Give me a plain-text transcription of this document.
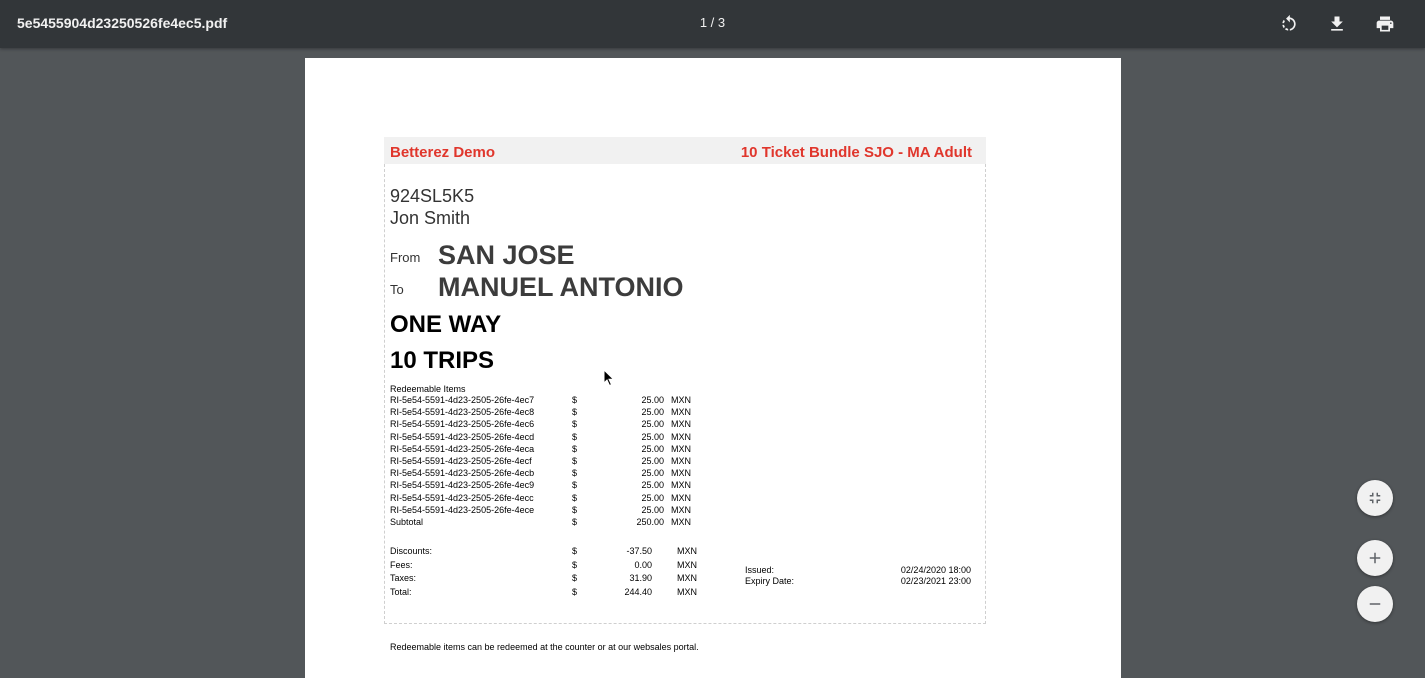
5e5455904d23250526fe4ec5.pdf	1 / 3
Betterez Demo	10 Ticket Bundle SJO - MA Adult
924SL5K5
Jon Smith
From SAN JOSE
To MANUEL ANTONIO
ONE WAY
10 TRIPS
Redeemable Items
RI-5e54-5591-4d23-2505-26fe-4ec7	$	25.00 MXN
RI-5e54-5591-4d23-2505-26fe-4ec8	$	25.00 MXN
RI-5e54-5591-4d23-2505-26fe-4ec6	$	25.00 MXN
RI-5e54-5591-4d23-2505-26fe-4ecd	$	25.00 MXN
RI-5e54-5591-4d23-2505-26fe-4eca	$	25.00 MXN
RI-5e54-5591-4d23-2505-26fe-4ecf	$	25.00 MXN
RI-5e54-5591-4d23-2505-26fe-4ecb	$	25.00 MXN
RI-5e54-5591-4d23-2505-26fe-4ec9	$	25.00 MXN
RI-5e54-5591-4d23-2505-26fe-4ecc	$	25.00 MXN
RI-5e54-5591-4d23-2505-26fe-4ece	$	25.00 MXN
Subtotal	$	250.00 MXN
Discounts:	$	-37.50	MXN
Fees:	$	0.00	MXN
Taxes:	$	31.90	MXN
Total:	$	244.40	MXN
Issued:	02/24/2020 18:00
Expiry Date:	02/23/2021 23:00
Redeemable items can be redeemed at the counter or at our websales portal.
